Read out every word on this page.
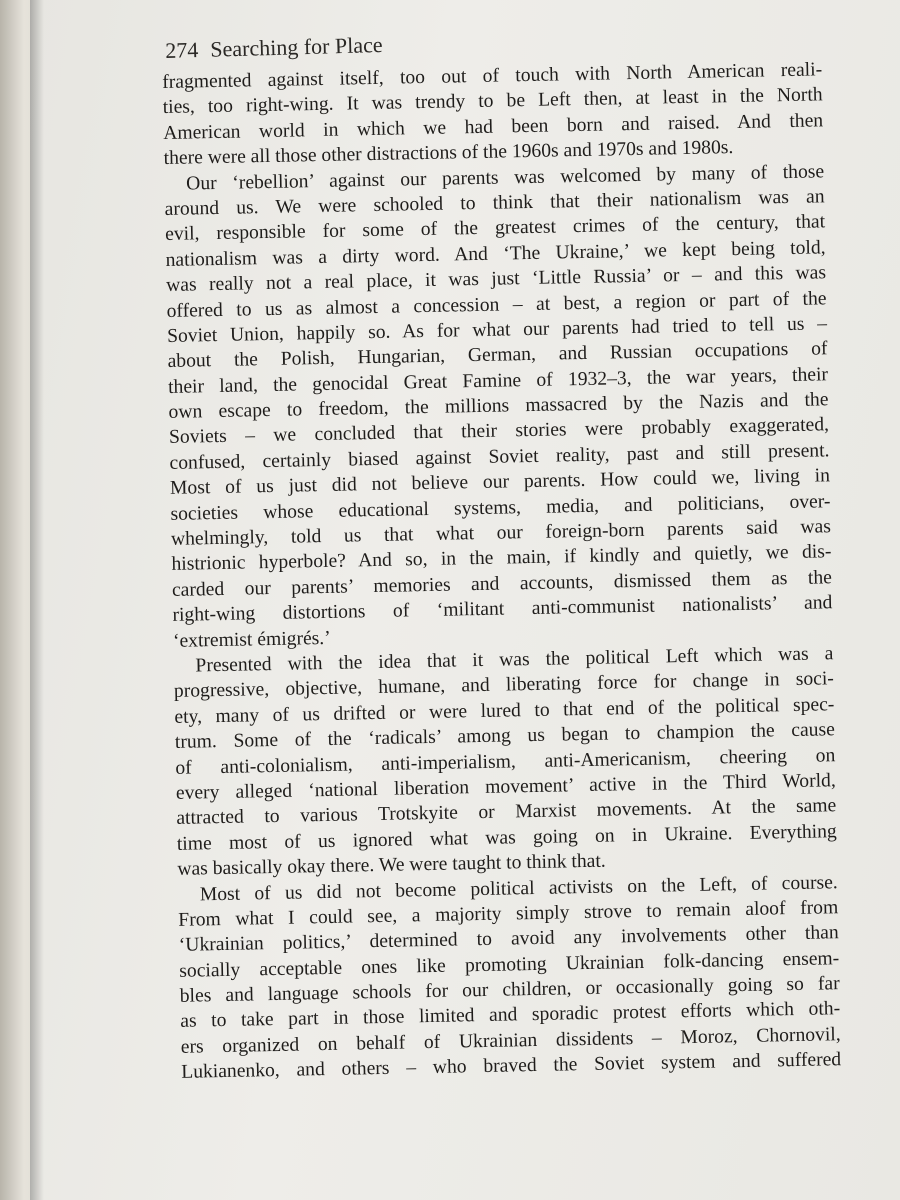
274 Searching for Place
fragmented against itself, too out of touch with North American reali-
ties, too right-wing. It was trendy to be Left then, at least in the North
American world in which we had been born and raised. And then
there were all those other distractions of the 1960s and 1970s and 1980s.
Our ‘rebellion’ against our parents was welcomed by many of those
around us. We were schooled to think that their nationalism was an
evil, responsible for some of the greatest crimes of the century, that
nationalism was a dirty word. And ‘The Ukraine,’ we kept being told,
was really not a real place, it was just ‘Little Russia’ or – and this was
offered to us as almost a concession – at best, a region or part of the
Soviet Union, happily so. As for what our parents had tried to tell us –
about the Polish, Hungarian, German, and Russian occupations of
their land, the genocidal Great Famine of 1932–3, the war years, their
own escape to freedom, the millions massacred by the Nazis and the
Soviets – we concluded that their stories were probably exaggerated,
confused, certainly biased against Soviet reality, past and still present.
Most of us just did not believe our parents. How could we, living in
societies whose educational systems, media, and politicians, over-
whelmingly, told us that what our foreign-born parents said was
histrionic hyperbole? And so, in the main, if kindly and quietly, we dis-
carded our parents’ memories and accounts, dismissed them as the
right-wing distortions of ‘militant anti-communist nationalists’ and
‘extremist émigrés.’
Presented with the idea that it was the political Left which was a
progressive, objective, humane, and liberating force for change in soci-
ety, many of us drifted or were lured to that end of the political spec-
trum. Some of the ‘radicals’ among us began to champion the cause
of anti-colonialism, anti-imperialism, anti-Americanism, cheering on
every alleged ‘national liberation movement’ active in the Third World,
attracted to various Trotskyite or Marxist movements. At the same
time most of us ignored what was going on in Ukraine. Everything
was basically okay there. We were taught to think that.
Most of us did not become political activists on the Left, of course.
From what I could see, a majority simply strove to remain aloof from
‘Ukrainian politics,’ determined to avoid any involvements other than
socially acceptable ones like promoting Ukrainian folk-dancing ensem-
bles and language schools for our children, or occasionally going so far
as to take part in those limited and sporadic protest efforts which oth-
ers organized on behalf of Ukrainian dissidents – Moroz, Chornovil,
Lukianenko, and others – who braved the Soviet system and suffered
